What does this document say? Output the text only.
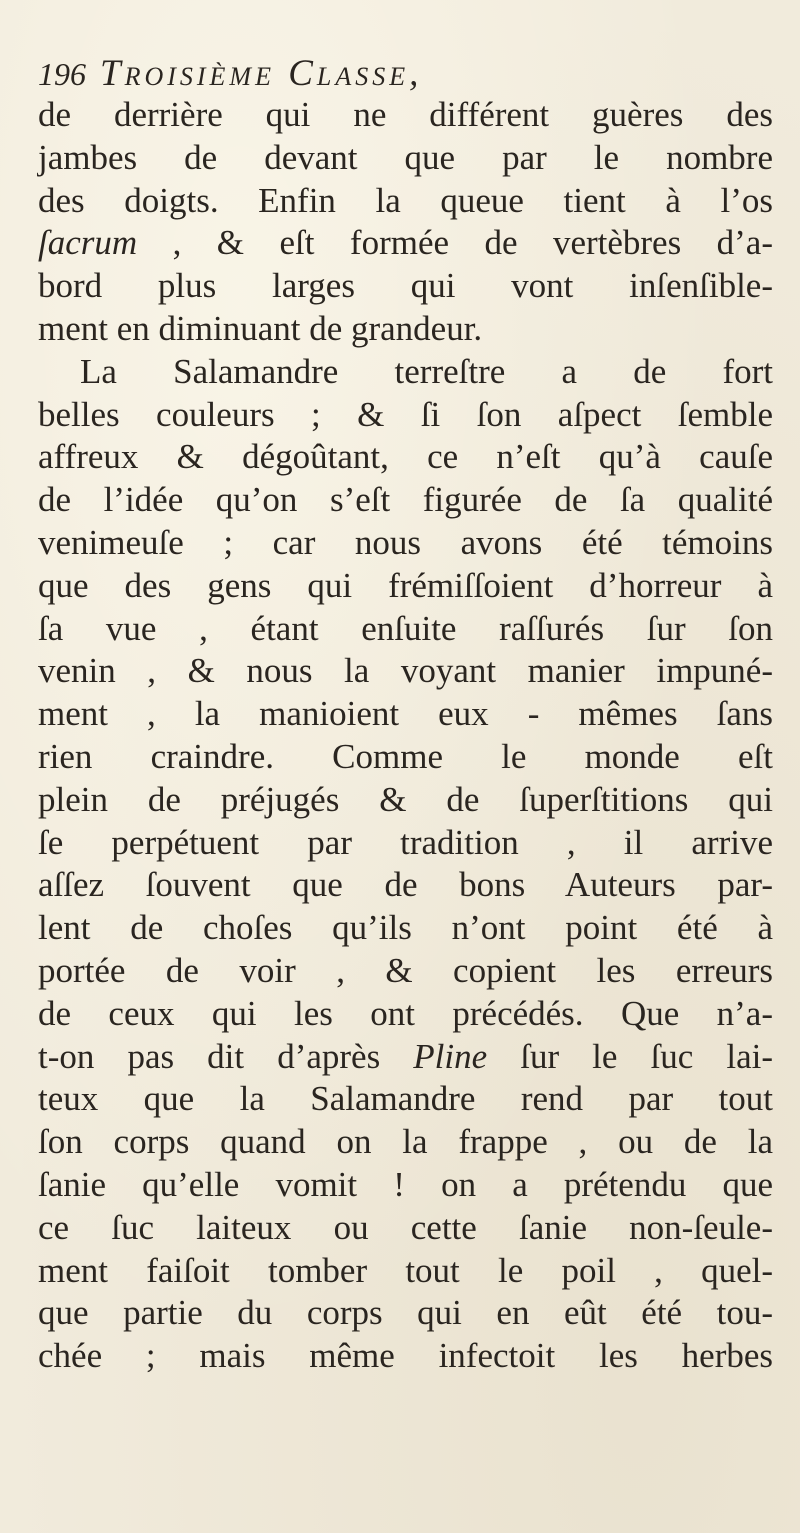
196 Troisième Classe,
de derrière qui ne différent guères des
jambes de devant que par le nombre
des doigts. Enfin la queue tient à l’os
ſacrum , & eſt formée de vertèbres d’a-
bord plus larges qui vont inſenſible-
ment en diminuant de grandeur.
La Salamandre terreſtre a de fort
belles couleurs ; & ſi ſon aſpect ſemble
affreux & dégoûtant, ce n’eſt qu’à cauſe
de l’idée qu’on s’eſt figurée de ſa qualité
venimeuſe ; car nous avons été témoins
que des gens qui frémiſſoient d’horreur à
ſa vue , étant enſuite raſſurés ſur ſon
venin , & nous la voyant manier impuné-
ment , la manioient eux - mêmes ſans
rien craindre. Comme le monde eſt
plein de préjugés & de ſuperſtitions qui
ſe perpétuent par tradition , il arrive
aſſez ſouvent que de bons Auteurs par-
lent de choſes qu’ils n’ont point été à
portée de voir , & copient les erreurs
de ceux qui les ont précédés. Que n’a-
t-on pas dit d’après Pline ſur le ſuc lai-
teux que la Salamandre rend par tout
ſon corps quand on la frappe , ou de la
ſanie qu’elle vomit ! on a prétendu que
ce ſuc laiteux ou cette ſanie non-ſeule-
ment faiſoit tomber tout le poil , quel-
que partie du corps qui en eût été tou-
chée ; mais même infectoit les herbes
